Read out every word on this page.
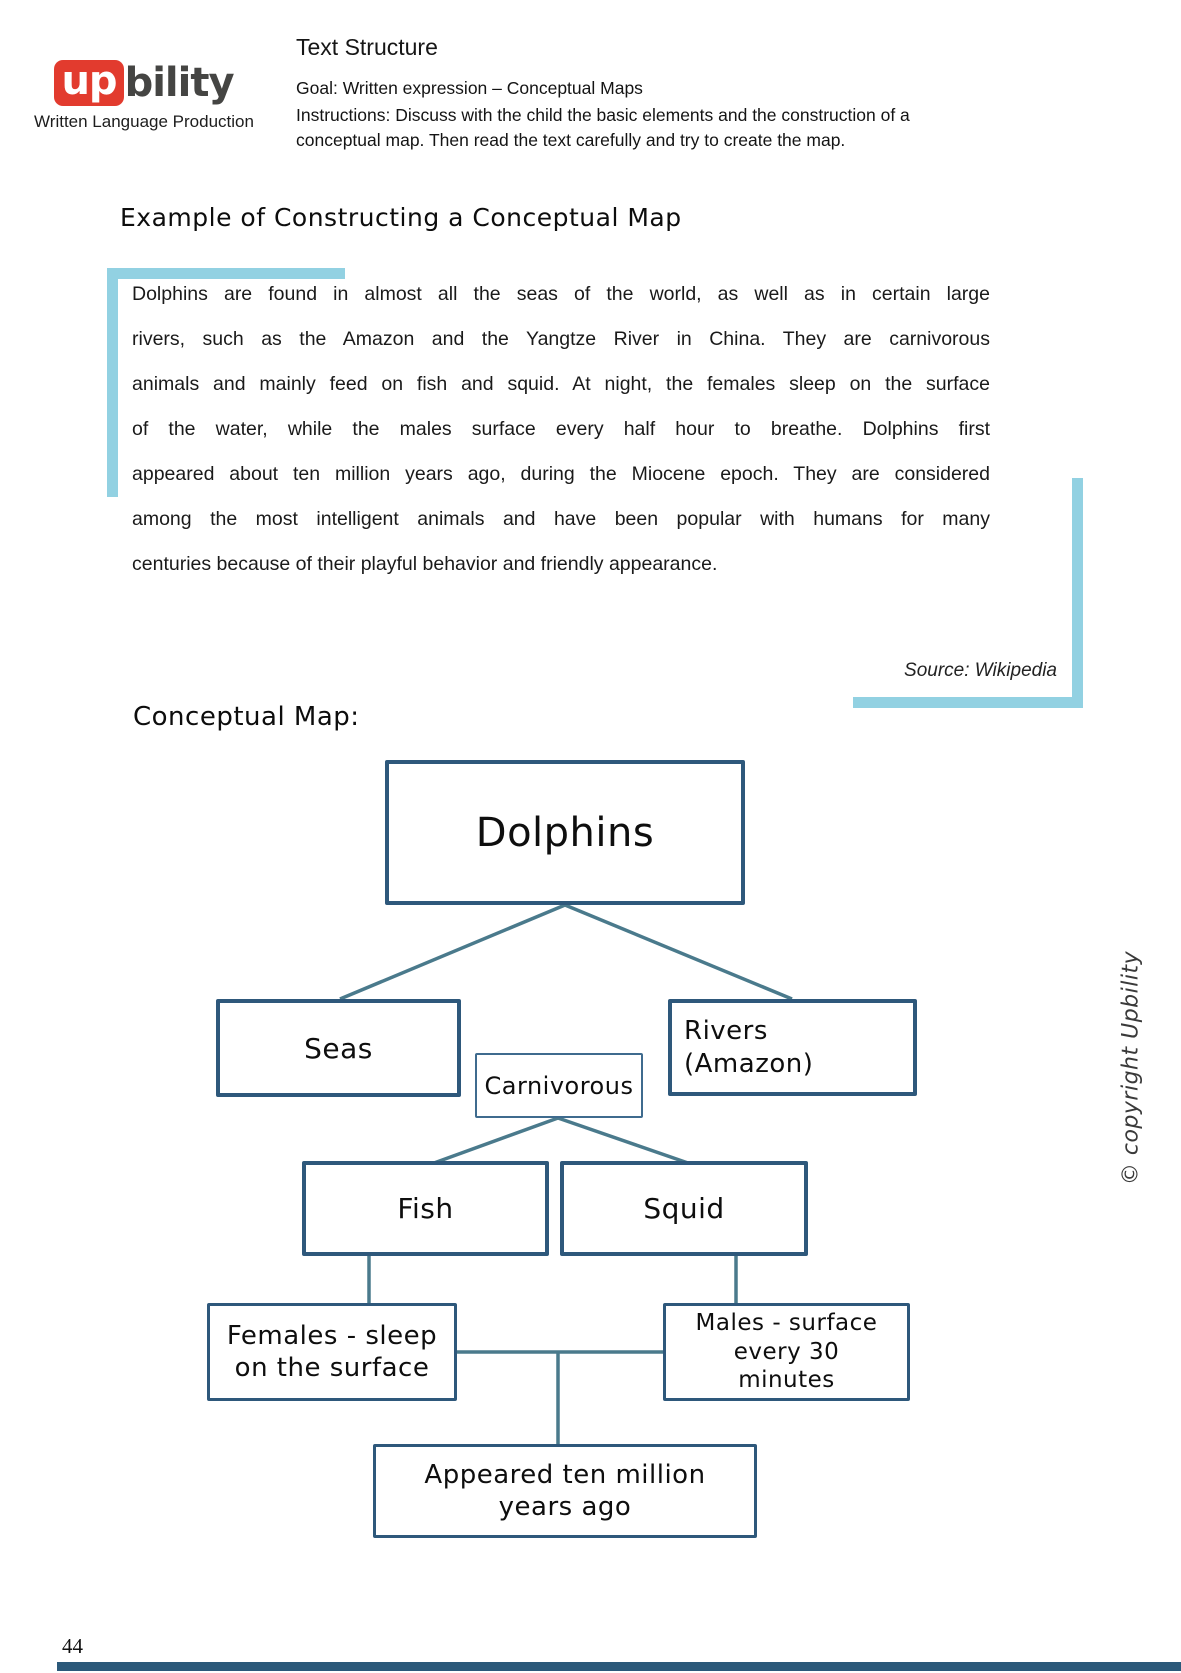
up bility
Written Language Production
Text Structure
Goal: Written expression – Conceptual Maps
Instructions: Discuss with the child the basic elements and the construction of a conceptual map. Then read the text carefully and try to create the map.
Example of Constructing a Conceptual Map
Dolphins are found in almost all the seas of the world, as well as in certain large
rivers, such as the Amazon and the Yangtze River in China. They are carnivorous
animals and mainly feed on fish and squid. At night, the females sleep on the surface
of the water, while the males surface every half hour to breathe. Dolphins first
appeared about ten million years ago, during the Miocene epoch. They are considered
among the most intelligent animals and have been popular with humans for many
centuries because of their playful behavior and friendly appearance.
Source: Wikipedia
Conceptual Map:
Dolphins
Seas
Rivers
(Amazon)
Carnivorous
Fish	Squid
Females - sleep
on the surface
Males - surface
every 30
minutes
Appeared ten million
years ago
© copyright Upbility
44
